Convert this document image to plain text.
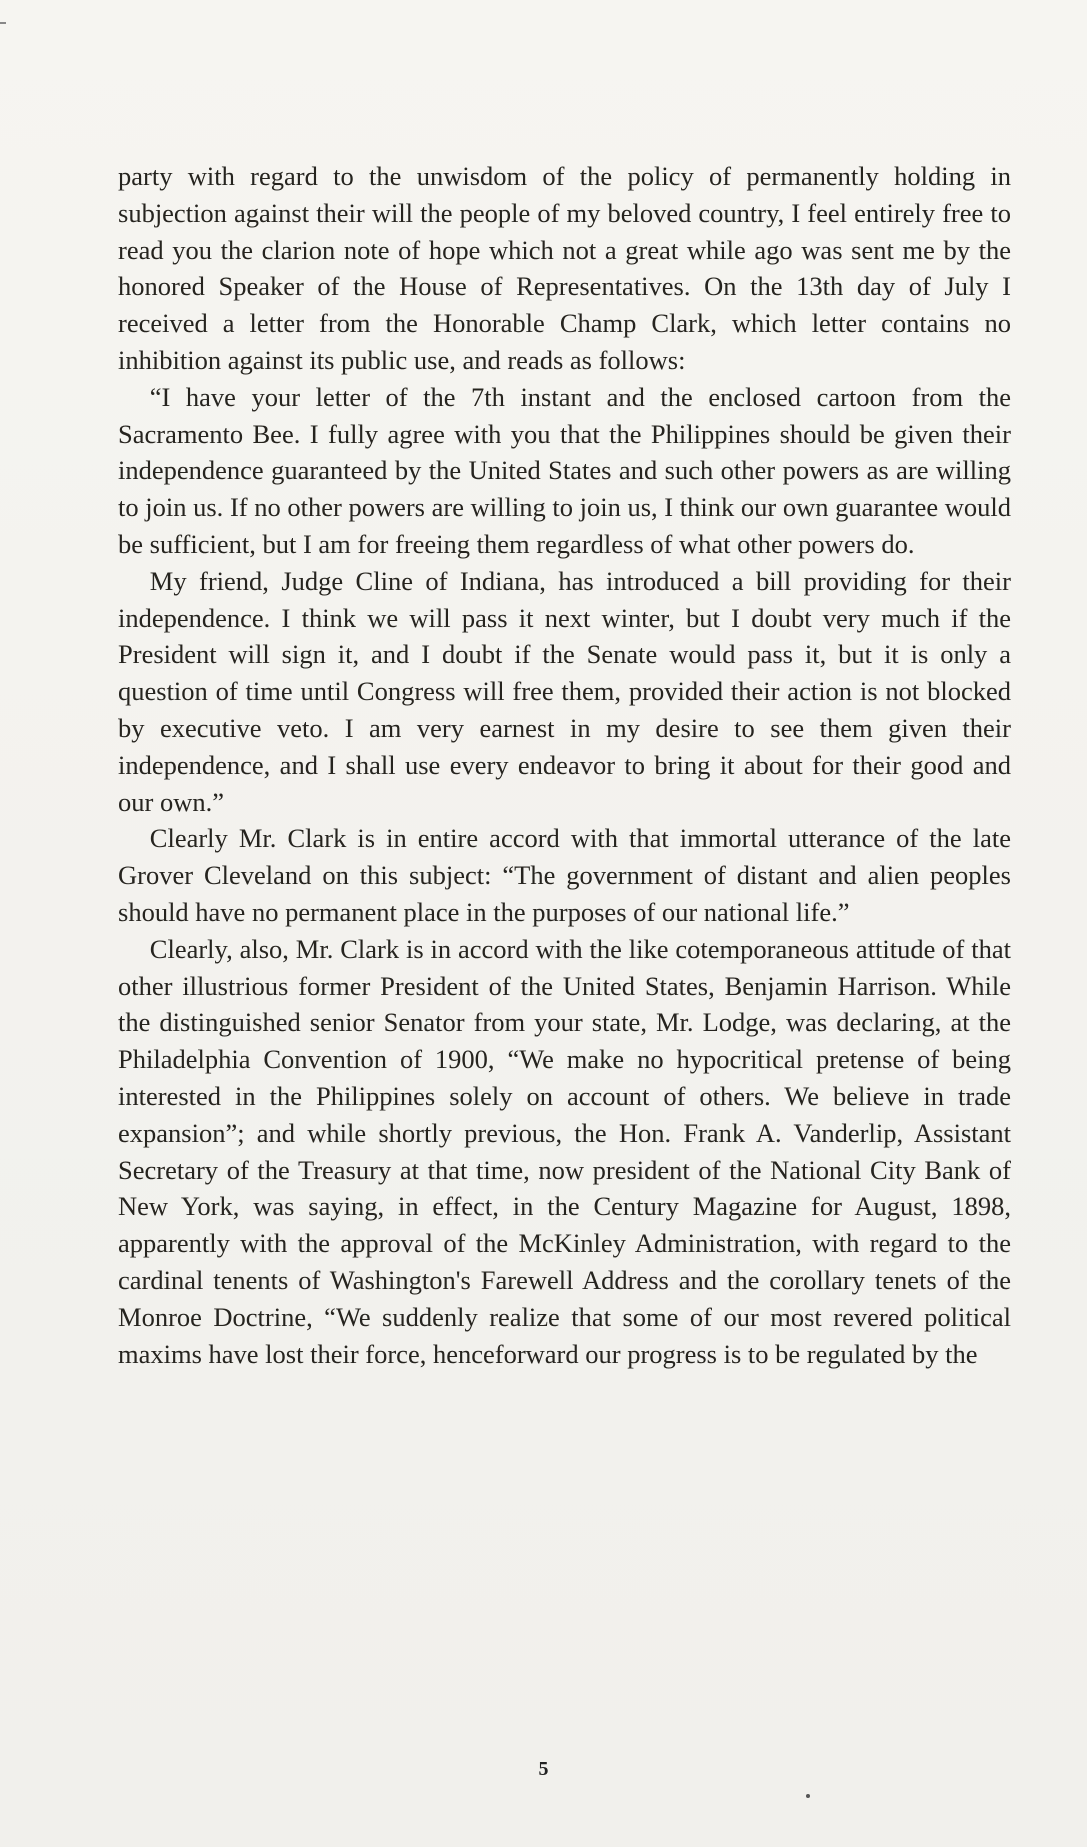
party with regard to the unwisdom of the policy of permanently holding in subjection against their will the people of my beloved country, I feel entirely free to read you the clarion note of hope which not a great while ago was sent me by the honored Speaker of the House of Representatives. On the 13th day of July I received a letter from the Honorable Champ Clark, which letter contains no inhibition against its public use, and reads as follows:

“I have your letter of the 7th instant and the enclosed cartoon from the Sacramento Bee. I fully agree with you that the Philippines should be given their independence guaranteed by the United States and such other powers as are willing to join us. If no other powers are willing to join us, I think our own guarantee would be sufficient, but I am for freeing them regardless of what other powers do.

My friend, Judge Cline of Indiana, has introduced a bill providing for their independence. I think we will pass it next winter, but I doubt very much if the President will sign it, and I doubt if the Senate would pass it, but it is only a question of time until Congress will free them, provided their action is not blocked by executive veto. I am very earnest in my desire to see them given their independence, and I shall use every endeavor to bring it about for their good and our own.”

Clearly Mr. Clark is in entire accord with that immortal utterance of the late Grover Cleveland on this subject: “The government of distant and alien peoples should have no permanent place in the purposes of our national life.”

Clearly, also, Mr. Clark is in accord with the like cotemporaneous attitude of that other illustrious former President of the United States, Benjamin Harrison. While the distinguished senior Senator from your state, Mr. Lodge, was declaring, at the Philadelphia Convention of 1900, “We make no hypocritical pretense of being interested in the Philippines solely on account of others. We believe in trade expansion”; and while shortly previous, the Hon. Frank A. Vanderlip, Assistant Secretary of the Treasury at that time, now president of the National City Bank of New York, was saying, in effect, in the Century Magazine for August, 1898, apparently with the approval of the McKinley Administration, with regard to the cardinal tenents of Washington's Farewell Address and the corollary tenets of the Monroe Doctrine, “We suddenly realize that some of our most revered political maxims have lost their force, henceforward our progress is to be regulated by the

5
